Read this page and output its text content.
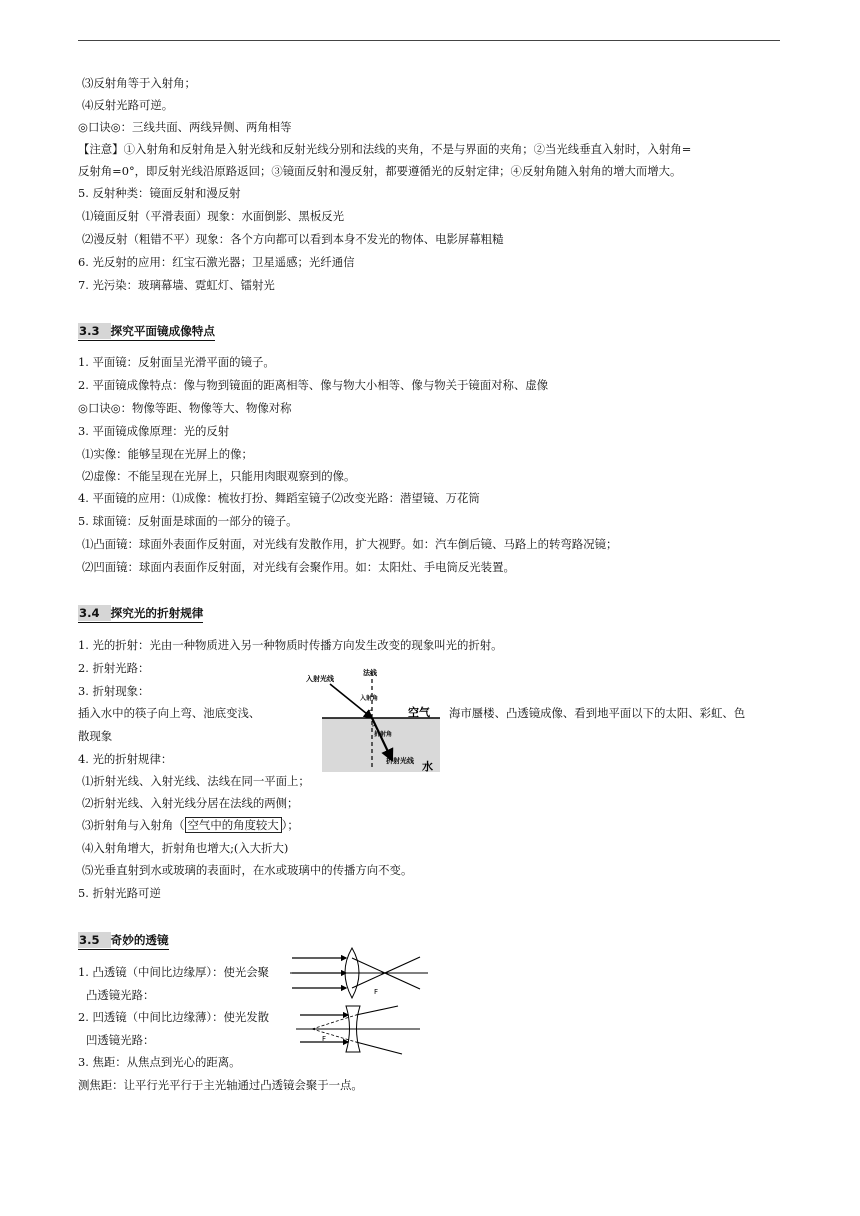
⑶反射角等于入射角；
⑷反射光路可逆。
◎口诀◎：三线共面、两线异侧、两角相等
【注意】①入射角和反射角是入射光线和反射光线分别和法线的夹角，不是与界面的夹角；②当光线垂直入射时，入射角=
反射角=0°，即反射光线沿原路返回；③镜面反射和漫反射，都要遵循光的反射定律；④反射角随入射角的增大而增大。
5. 反射种类：镜面反射和漫反射
⑴镜面反射（平滑表面）现象：水面倒影、黑板反光
⑵漫反射（粗错不平）现象：各个方向都可以看到本身不发光的物体、电影屏幕粗糙
6. 光反射的应用：红宝石激光器；卫星遥感；光纤通信
7. 光污染：玻璃幕墙、霓虹灯、镭射光
3.3 探究平面镜成像特点
1. 平面镜：反射面呈光滑平面的镜子。
2. 平面镜成像特点：像与物到镜面的距离相等、像与物大小相等、像与物关于镜面对称、虚像
◎口诀◎：物像等距、物像等大、物像对称
3. 平面镜成像原理：光的反射
⑴实像：能够呈现在光屏上的像；
⑵虚像：不能呈现在光屏上，只能用肉眼观察到的像。
4. 平面镜的应用：⑴成像：梳妆打扮、舞蹈室镜子⑵改变光路：潜望镜、万花筒
5. 球面镜：反射面是球面的一部分的镜子。
⑴凸面镜：球面外表面作反射面，对光线有发散作用，扩大视野。如：汽车倒后镜、马路上的转弯路况镜；
⑵凹面镜：球面内表面作反射面，对光线有会聚作用。如：太阳灶、手电筒反光装置。
3.4 探究光的折射规律
1. 光的折射：光由一种物质进入另一种物质时传播方向发生改变的现象叫光的折射。
2. 折射光路：
3. 折射现象：
插入水中的筷子向上弯、池底变浅、	海市蜃楼、凸透镜成像、看到地平面以下的太阳、彩虹、色
散现象
4. 光的折射规律：
⑴折射光线、入射光线、法线在同一平面上；
⑵折射光线、入射光线分居在法线的两侧；
⑶折射角与入射角（ 空气中的角度较大 ）；
⑷入射角增大，折射角也增大;(入大折大)
⑸光垂直射到水或玻璃的表面时，在水或玻璃中的传播方向不变。
5. 折射光路可逆
法线
入射光线
入射角
空气
水
折射角
折射光线
3.5 奇妙的透镜
1. 凸透镜（中间比边缘厚）：使光会聚
凸透镜光路：
2. 凹透镜（中间比边缘薄）：使光发散
凹透镜光路：
3. 焦距：从焦点到光心的距离。
测焦距：让平行光平行于主光轴通过凸透镜会聚于一点。
F
F
